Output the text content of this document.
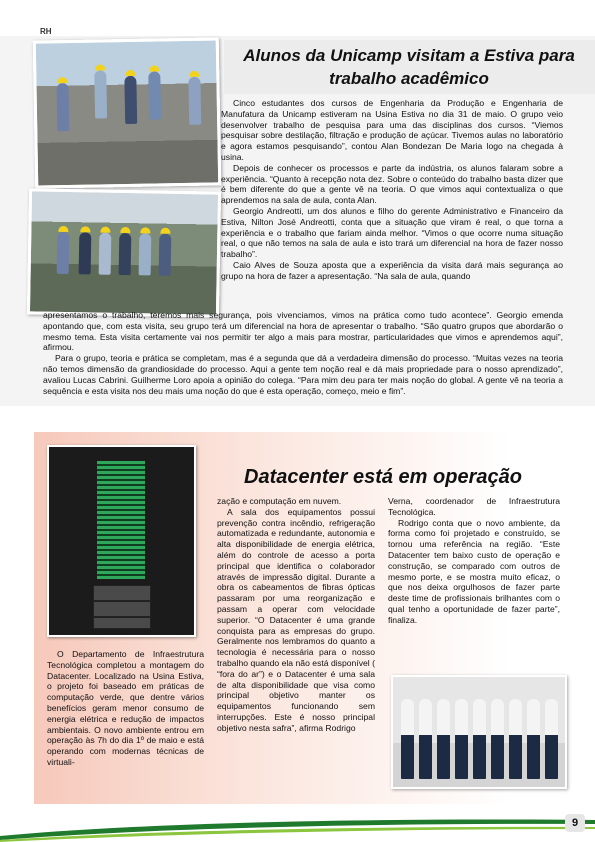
RH
Alunos da Unicamp visitam a Estiva para trabalho acadêmico

Cinco estudantes dos cursos de Engenharia da Produção e Engenharia de Manufatura da Unicamp estiveram na Usina Estiva no dia 31 de maio. O grupo veio desenvolver trabalho de pesquisa para uma das disciplinas dos cursos. “Viemos pesquisar sobre destilação, filtração e produção de açúcar. Tivemos aulas no laboratório e agora estamos pesquisando”, contou Alan Bondezan De Maria logo na chegada à usina.

Depois de conhecer os processos e parte da indústria, os alunos falaram sobre a experiência. “Quanto à recepção nota dez. Sobre o conteúdo do trabalho basta dizer que é bem diferente do que a gente vê na teoria. O que vimos aqui contextualiza o que aprendemos na sala de aula, conta Alan.

Georgio Andreotti, um dos alunos e filho do gerente Administrativo e Financeiro da Estiva, Nilton José Andreotti, conta que a situação que viram é real, o que torna a experiência e o trabalho que fariam ainda melhor. “Vimos o que ocorre numa situação real, o que não temos na sala de aula e isto trará um diferencial na hora de fazer nosso trabalho”.

Caio Alves de Souza aposta que a experiência da visita dará mais segurança ao grupo na hora de fazer a apresentação. “Na sala de aula, quando

apresentamos o trabalho, teremos mais segurança, pois vivenciamos, vimos na prática como tudo acontece”. Georgio emenda apontando que, com esta visita, seu grupo terá um diferencial na hora de apresentar o trabalho. “São quatro grupos que abordarão o mesmo tema. Esta visita certamente vai nos permitir ter algo a mais para mostrar, particularidades que vimos e aprendemos aqui”, afirmou.

Para o grupo, teoria e prática se completam, mas é a segunda que dá a verdadeira dimensão do processo. “Muitas vezes na teoria não temos dimensão da grandiosidade do processo. Aqui a gente tem noção real e dá mais propriedade para o nosso aprendizado”, avaliou Lucas Cabrini. Guilherme Loro apoia a opinião do colega. “Para mim deu para ter mais noção do global. A gente vê na teoria a sequência e esta visita nos deu mais uma noção do que é esta operação, começo, meio e fim”.

Datacenter está em operação

O Departamento de Infraestrutura Tecnológica completou a montagem do Datacenter. Localizado na Usina Estiva, o projeto foi baseado em práticas de computação verde, que dentre vários benefícios geram menor consumo de energia elétrica e redução de impactos ambientais. O novo ambiente entrou em operação às 7h do dia 1º de maio e está operando com modernas técnicas de virtuali-

zação e computação em nuvem.

A sala dos equipamentos possui prevenção contra incêndio, refrigeração automatizada e redundante, autonomia e alta disponibilidade de energia elétrica, além do controle de acesso a porta principal que identifica o colaborador através de impressão digital. Durante a obra os cabeamentos de fibras ópticas passaram por uma reorganização e passam a operar com velocidade superior. “O Datacenter é uma grande conquista para as empresas do grupo. Geralmente nos lembramos do quanto a tecnologia é necessária para o nosso trabalho quando ela não está disponível ( “fora do ar”) e o Datacenter é uma sala de alta disponibilidade que visa como principal objetivo manter os equipamentos funcionando sem interrupções. Este é nosso principal objetivo nesta safra”, afirma Rodrigo

Verna, coordenador de Infraestrutura Tecnológica.

Rodrigo conta que o novo ambiente, da forma como foi projetado e construído, se tornou uma referência na região. “Este Datacenter tem baixo custo de operação e construção, se comparado com outros de mesmo porte, e se mostra muito eficaz, o que nos deixa orgulhosos de fazer parte deste time de profissionais brilhantes com o qual tenho a oportunidade de fazer parte”, finaliza.

9
